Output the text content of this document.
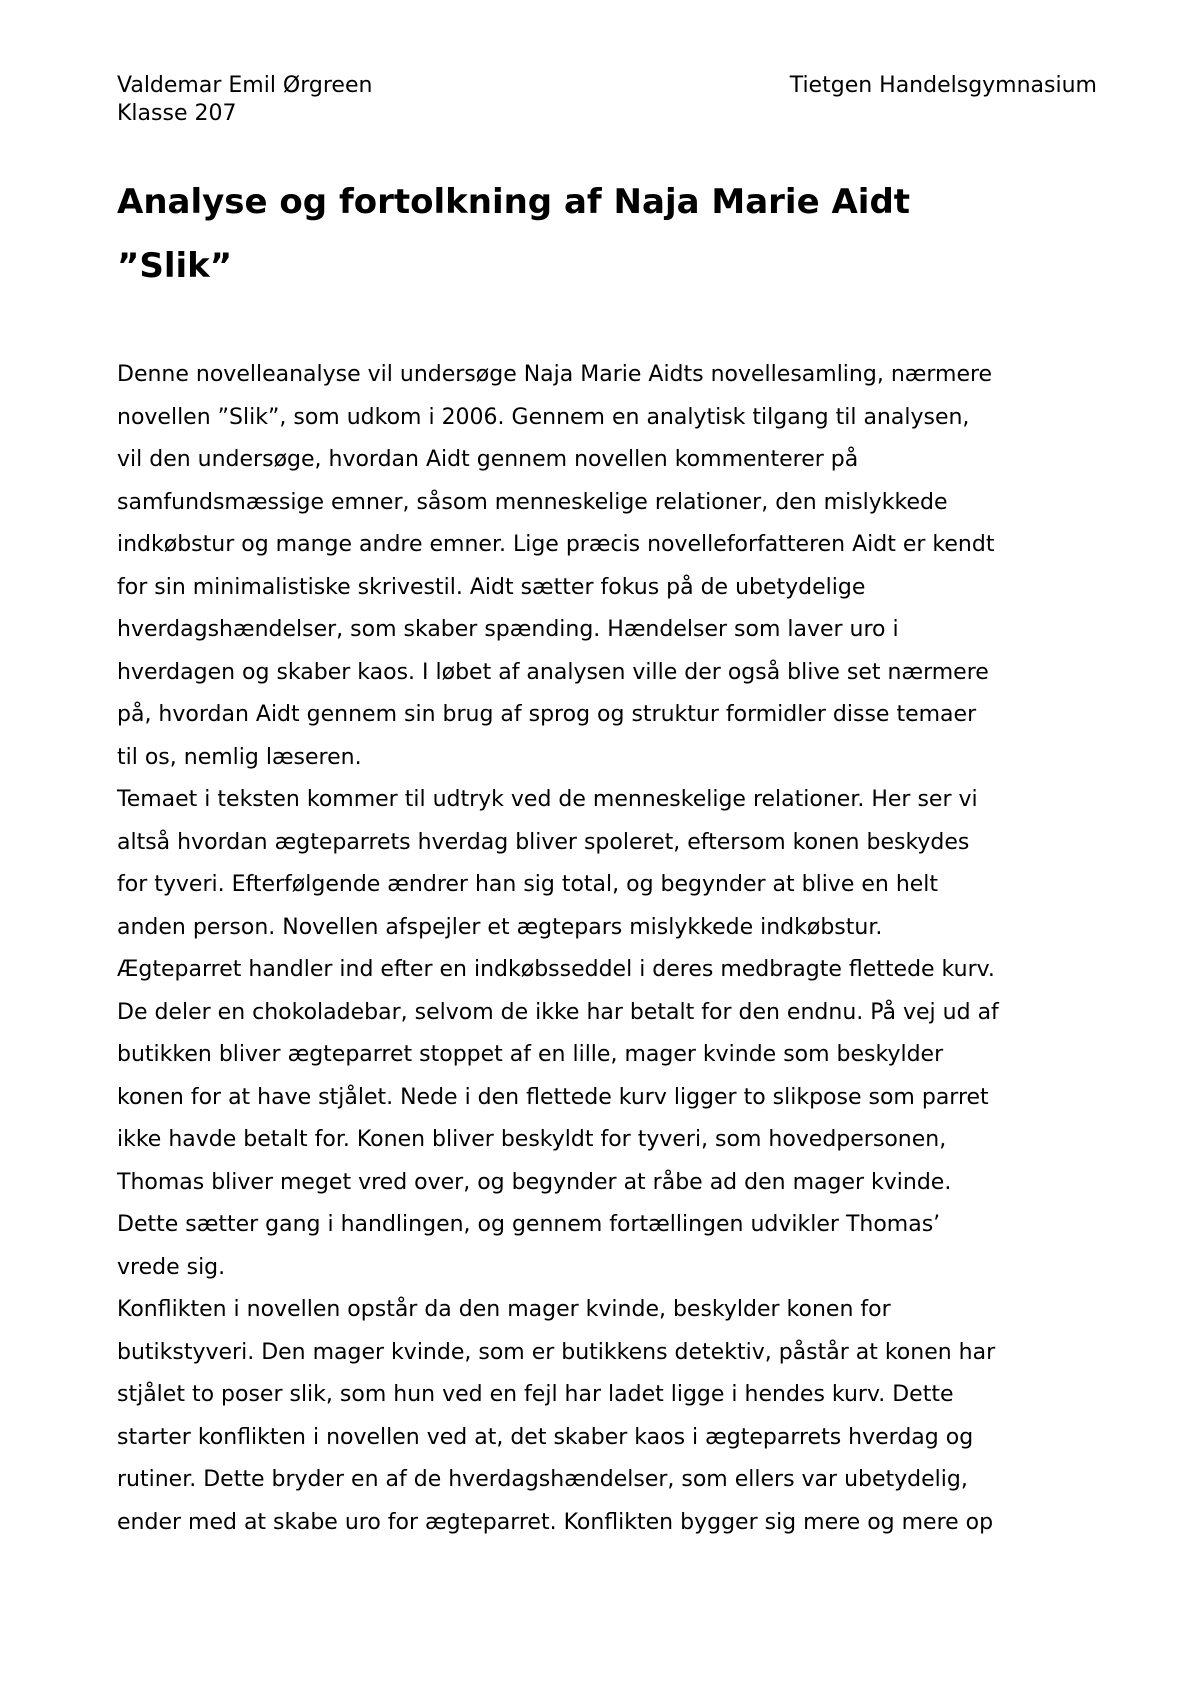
Valdemar Emil Ørgreen
Klasse 207
Tietgen Handelsgymnasium
Analyse og fortolkning af Naja Marie Aidt
”Slik”

Denne novelleanalyse vil undersøge Naja Marie Aidts novellesamling, nærmere
novellen ”Slik”, som udkom i 2006. Gennem en analytisk tilgang til analysen,
vil den undersøge, hvordan Aidt gennem novellen kommenterer på
samfundsmæssige emner, såsom menneskelige relationer, den mislykkede
indkøbstur og mange andre emner. Lige præcis novelleforfatteren Aidt er kendt
for sin minimalistiske skrivestil. Aidt sætter fokus på de ubetydelige
hverdagshændelser, som skaber spænding. Hændelser som laver uro i
hverdagen og skaber kaos. I løbet af analysen ville der også blive set nærmere
på, hvordan Aidt gennem sin brug af sprog og struktur formidler disse temaer
til os, nemlig læseren.

Temaet i teksten kommer til udtryk ved de menneskelige relationer. Her ser vi
altså hvordan ægteparrets hverdag bliver spoleret, eftersom konen beskydes
for tyveri. Efterfølgende ændrer han sig total, og begynder at blive en helt
anden person. Novellen afspejler et ægtepars mislykkede indkøbstur.
Ægteparret handler ind efter en indkøbsseddel i deres medbragte flettede kurv.
De deler en chokoladebar, selvom de ikke har betalt for den endnu. På vej ud af
butikken bliver ægteparret stoppet af en lille, mager kvinde som beskylder
konen for at have stjålet. Nede i den flettede kurv ligger to slikpose som parret
ikke havde betalt for. Konen bliver beskyldt for tyveri, som hovedpersonen,
Thomas bliver meget vred over, og begynder at råbe ad den mager kvinde.
Dette sætter gang i handlingen, og gennem fortællingen udvikler Thomas’
vrede sig.

Konflikten i novellen opstår da den mager kvinde, beskylder konen for
butikstyveri. Den mager kvinde, som er butikkens detektiv, påstår at konen har
stjålet to poser slik, som hun ved en fejl har ladet ligge i hendes kurv. Dette
starter konflikten i novellen ved at, det skaber kaos i ægteparrets hverdag og
rutiner. Dette bryder en af de hverdagshændelser, som ellers var ubetydelig,
ender med at skabe uro for ægteparret. Konflikten bygger sig mere og mere op
